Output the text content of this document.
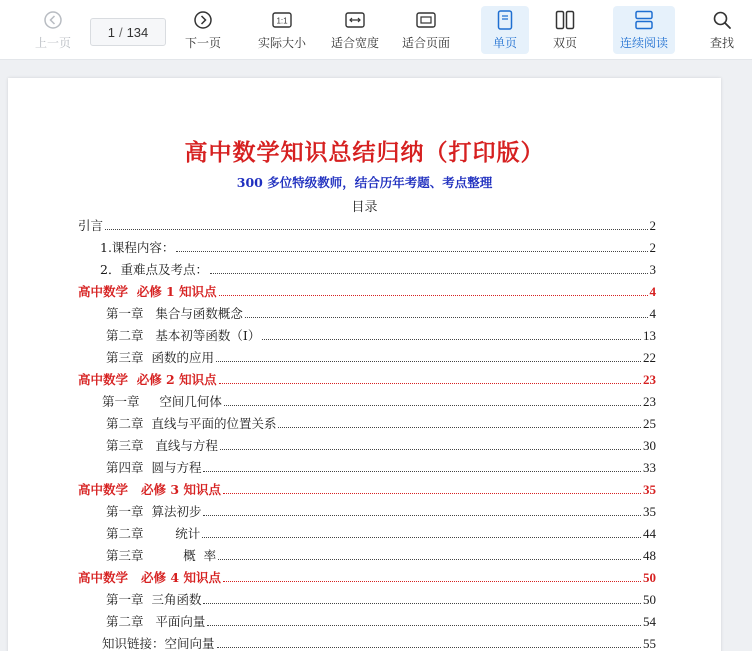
上一页
1 / 134
下一页
1:1
实际大小 适合宽度 适合页面	单页	双页	连续阅读	查找
高中数学知识总结归纳（打印版）
300 多位特级教师，结合历年考题、考点整理
目录
引言	2
1.课程内容：	2
2．重难点及考点：	3
高中数学  必修 1 知识点	4
第一章   集合与函数概念	4
第二章   基本初等函数（Ⅰ）	13
第三章  函数的应用	22
高中数学  必修 2 知识点	23
第一章     空间几何体	23
第二章  直线与平面的位置关系	25
第三章   直线与方程	30
第四章  圆与方程	33
高中数学   必修 3 知识点	35
第一章  算法初步	35
第二章        统计	44
第三章          概  率	48
高中数学   必修 4 知识点	50
第一章  三角函数	50
第二章   平面向量	54
知识链接：空间向量	55
